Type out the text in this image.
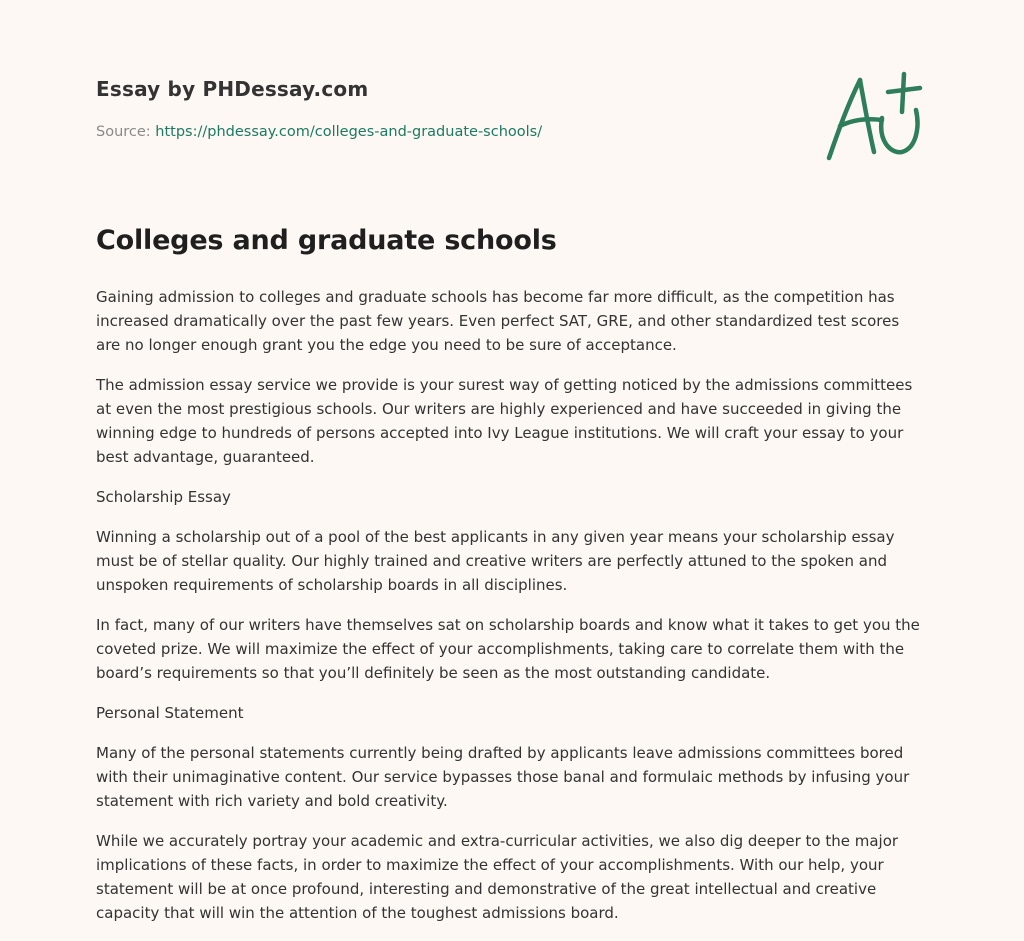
Essay by PHDessay.com

Source: https://phdessay.com/colleges-and-graduate-schools/

Colleges and graduate schools

Gaining admission to colleges and graduate schools has become far more difficult, as the competition has increased dramatically over the past few years. Even perfect SAT, GRE, and other standardized test scores are no longer enough grant you the edge you need to be sure of acceptance.

The admission essay service we provide is your surest way of getting noticed by the admissions committees at even the most prestigious schools. Our writers are highly experienced and have succeeded in giving the winning edge to hundreds of persons accepted into Ivy League institutions. We will craft your essay to your best advantage, guaranteed.

Scholarship Essay

Winning a scholarship out of a pool of the best applicants in any given year means your scholarship essay must be of stellar quality. Our highly trained and creative writers are perfectly attuned to the spoken and unspoken requirements of scholarship boards in all disciplines.

In fact, many of our writers have themselves sat on scholarship boards and know what it takes to get you the coveted prize. We will maximize the effect of your accomplishments, taking care to correlate them with the board’s requirements so that you’ll definitely be seen as the most outstanding candidate.

Personal Statement

Many of the personal statements currently being drafted by applicants leave admissions committees bored with their unimaginative content. Our service bypasses those banal and formulaic methods by infusing your statement with rich variety and bold creativity.

While we accurately portray your academic and extra-curricular activities, we also dig deeper to the major implications of these facts, in order to maximize the effect of your accomplishments. With our help, your statement will be at once profound, interesting and demonstrative of the great intellectual and creative capacity that will win the attention of the toughest admissions board.
